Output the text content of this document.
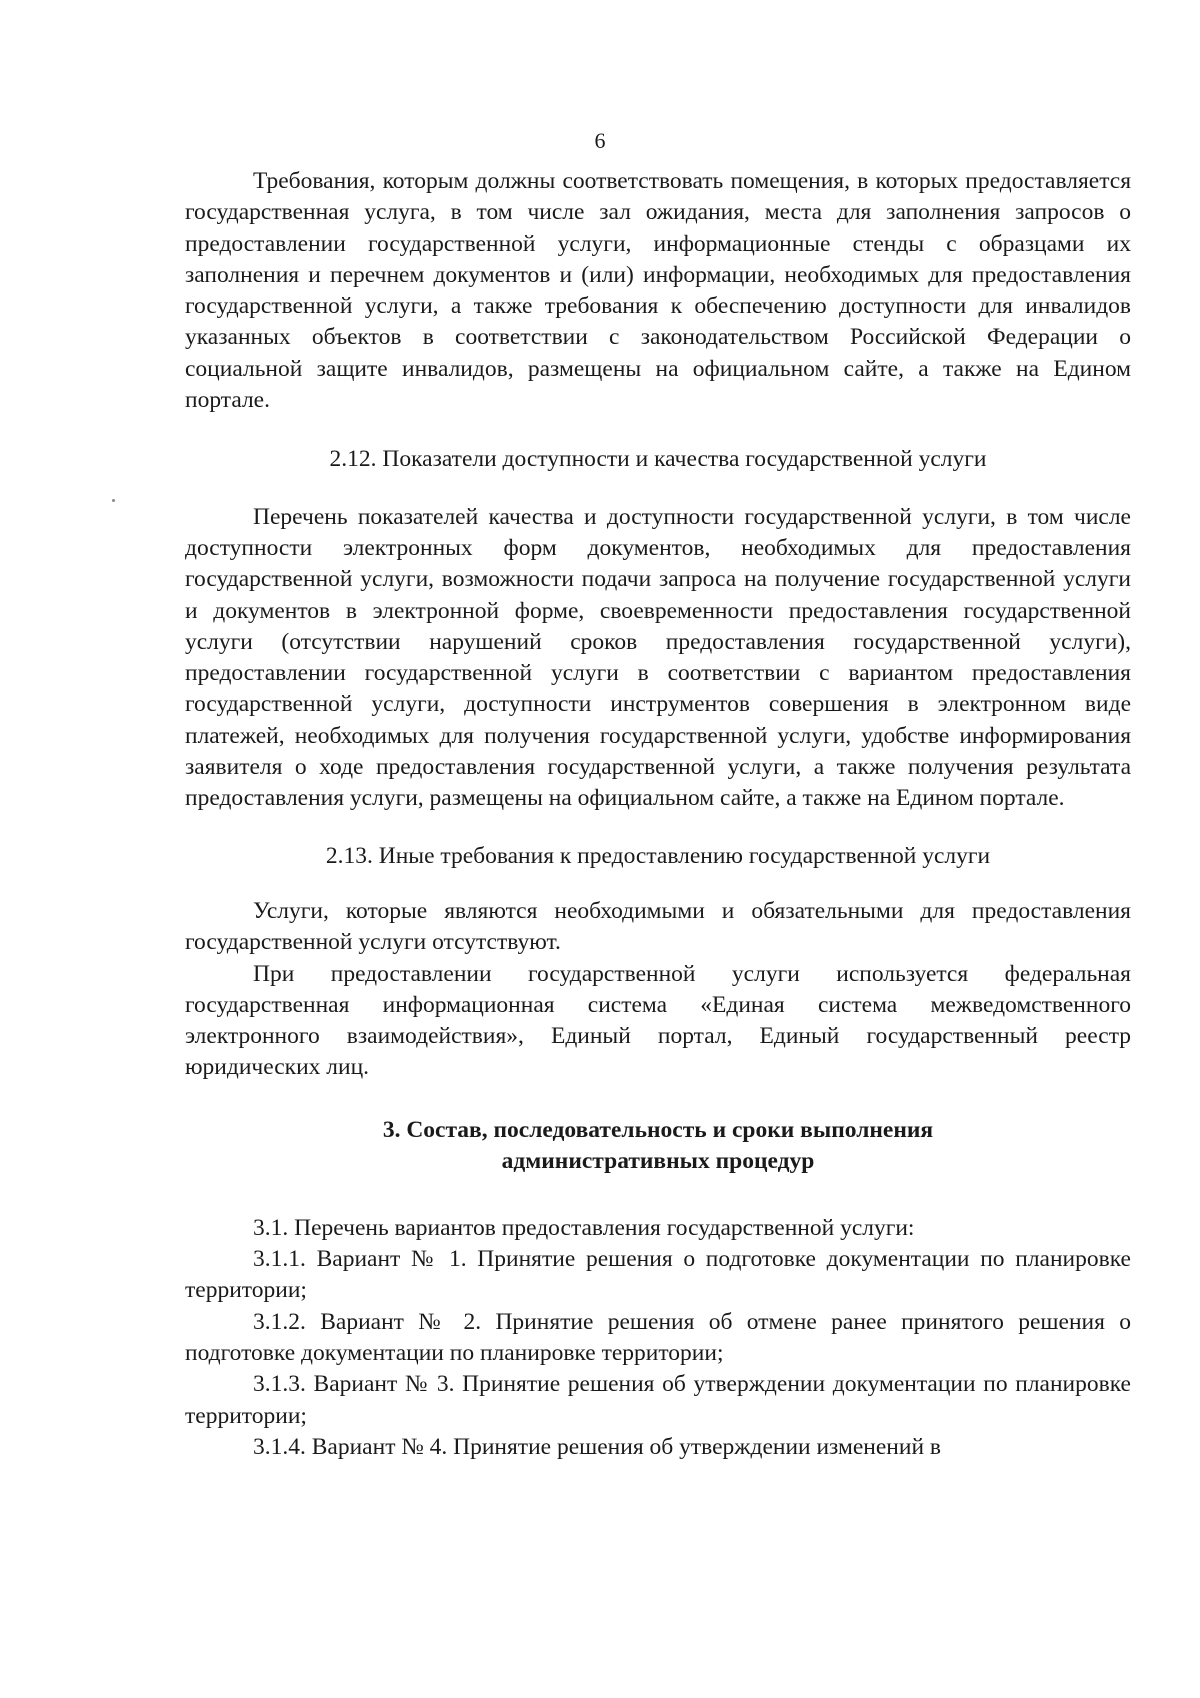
6

Требования, которым должны соответствовать помещения, в которых предоставляется государственная услуга, в том числе зал ожидания, места для заполнения запросов о предоставлении государственной услуги, информационные стенды с образцами их заполнения и перечнем документов и (или) информации, необходимых для предоставления государственной услуги, а также требования к обеспечению доступности для инвалидов указанных объектов в соответствии с законодательством Российской Федерации о социальной защите инвалидов, размещены на официальном сайте, а также на Едином портале.

2.12. Показатели доступности и качества государственной услуги

Перечень показателей качества и доступности государственной услуги, в том числе доступности электронных форм документов, необходимых для предоставления государственной услуги, возможности подачи запроса на получение государственной услуги и документов в электронной форме, своевременности предоставления государственной услуги (отсутствии нарушений сроков предоставления государственной услуги), предоставлении государственной услуги в соответствии с вариантом предоставления государственной услуги, доступности инструментов совершения в электронном виде платежей, необходимых для получения государственной услуги, удобстве информирования заявителя о ходе предоставления государственной услуги, а также получения результата предоставления услуги, размещены на официальном сайте, а также на Едином портале.

2.13. Иные требования к предоставлению государственной услуги

Услуги, которые являются необходимыми и обязательными для предоставления государственной услуги отсутствуют.

При предоставлении государственной услуги используется федеральная государственная информационная система «Единая система межведомственного электронного взаимодействия», Единый портал, Единый государственный реестр юридических лиц.

3. Состав, последовательность и сроки выполнения
административных процедур

3.1. Перечень вариантов предоставления государственной услуги:

3.1.1. Вариант № 1. Принятие решения о подготовке документации по планировке территории;

3.1.2. Вариант № 2. Принятие решения об отмене ранее принятого решения о подготовке документации по планировке территории;

3.1.3. Вариант № 3. Принятие решения об утверждении документации по планировке территории;

3.1.4. Вариант № 4. Принятие решения об утверждении изменений в
